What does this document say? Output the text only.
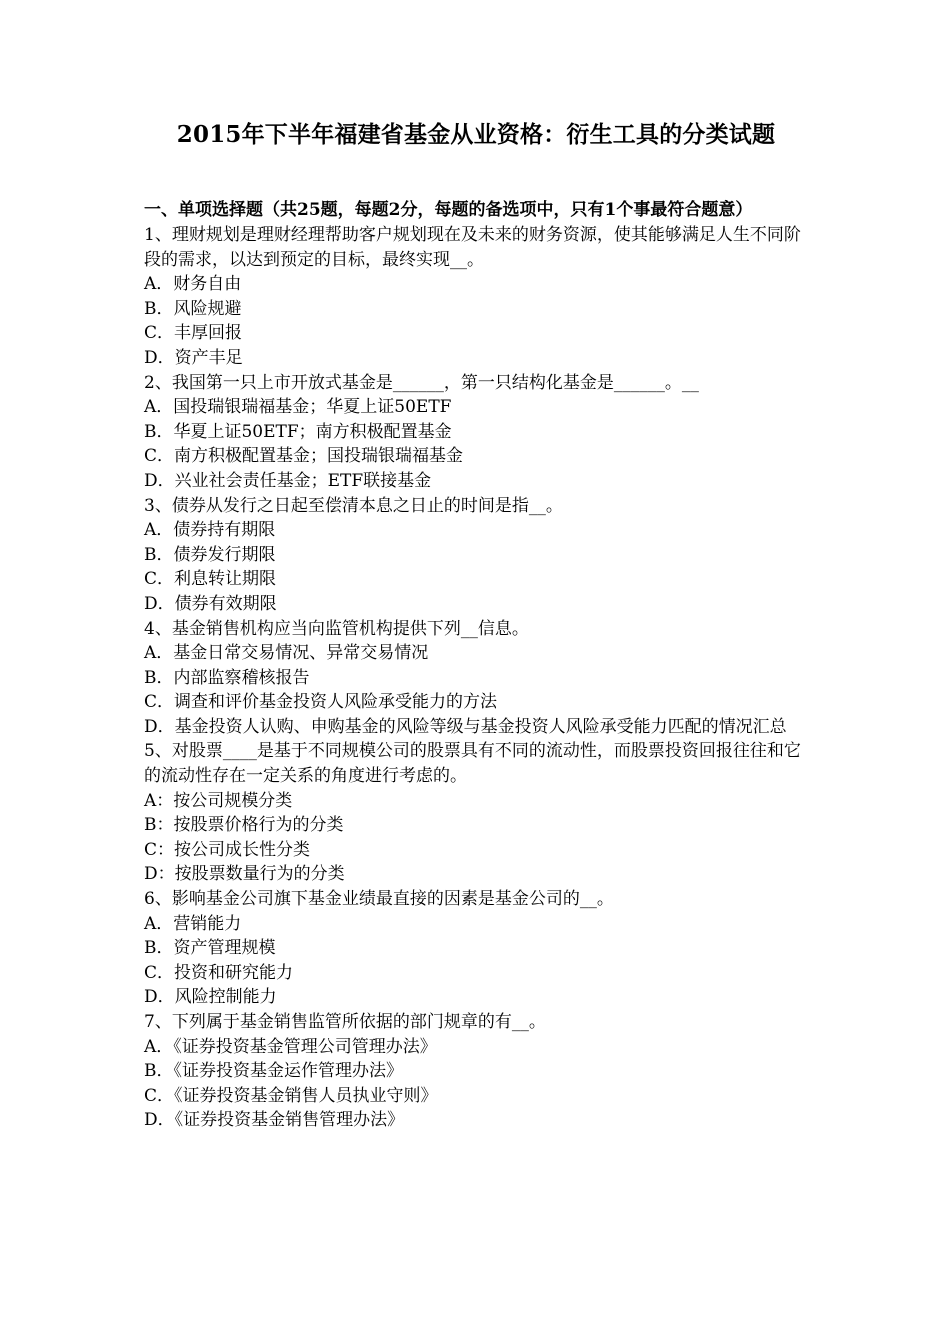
2015年下半年福建省基金从业资格：衍生工具的分类试题

一、单项选择题（共25题，每题2分，每题的备选项中，只有1个事最符合题意）

1、理财规划是理财经理帮助客户规划现在及未来的财务资源，使其能够满足人生不同阶段的需求，以达到预定的目标，最终实现__。

A．财务自由

B．风险规避

C．丰厚回报

D．资产丰足

2、我国第一只上市开放式基金是______，第一只结构化基金是______。__

A．国投瑞银瑞福基金；华夏上证50ETF

B．华夏上证50ETF；南方积极配置基金

C．南方积极配置基金；国投瑞银瑞福基金

D．兴业社会责任基金；ETF联接基金

3、债券从发行之日起至偿清本息之日止的时间是指__。

A．债券持有期限

B．债券发行期限

C．利息转让期限

D．债券有效期限

4、基金销售机构应当向监管机构提供下列__信息。

A．基金日常交易情况、异常交易情况

B．内部监察稽核报告

C．调查和评价基金投资人风险承受能力的方法

D．基金投资人认购、申购基金的风险等级与基金投资人风险承受能力匹配的情况汇总

5、对股票____是基于不同规模公司的股票具有不同的流动性，而股票投资回报往往和它的流动性存在一定关系的角度进行考虑的。

A：按公司规模分类

B：按股票价格行为的分类

C：按公司成长性分类

D：按股票数量行为的分类

6、影响基金公司旗下基金业绩最直接的因素是基金公司的__。

A．营销能力

B．资产管理规模

C．投资和研究能力

D．风险控制能力

7、下列属于基金销售监管所依据的部门规章的有__。

A．《证券投资基金管理公司管理办法》

B．《证券投资基金运作管理办法》

C．《证券投资基金销售人员执业守则》

D．《证券投资基金销售管理办法》
